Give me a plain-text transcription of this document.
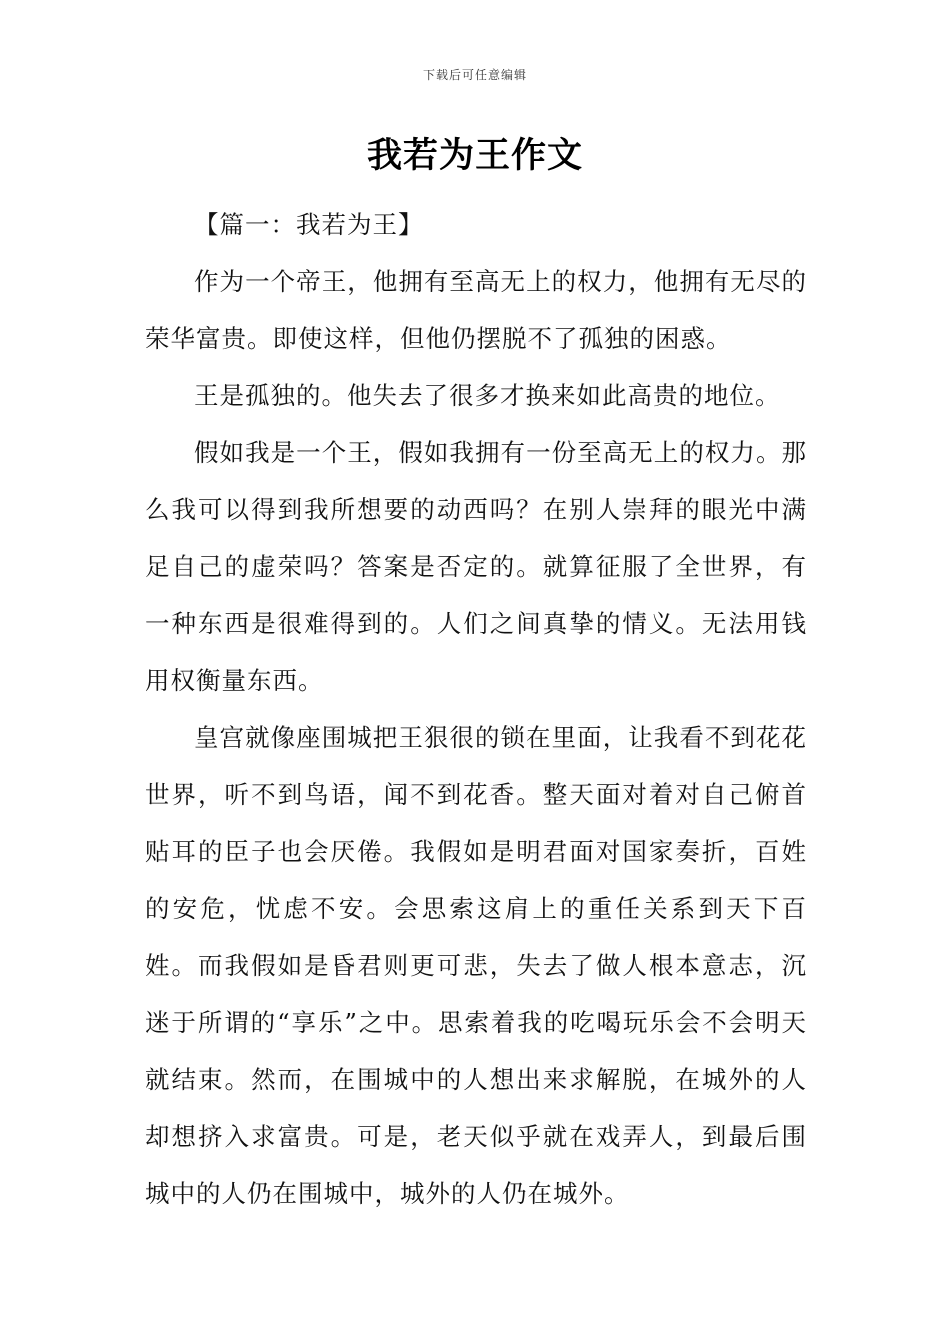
下载后可任意编辑
我若为王作文

【篇一：我若为王】

作为一个帝王，他拥有至高无上的权力，他拥有无尽的荣华富贵。即使这样，但他仍摆脱不了孤独的困惑。

王是孤独的。他失去了很多才换来如此高贵的地位。

假如我是一个王，假如我拥有一份至高无上的权力。那么我可以得到我所想要的动西吗？在别人崇拜的眼光中满足自己的虚荣吗？答案是否定的。就算征服了全世界，有一种东西是很难得到的。人们之间真挚的情义。无法用钱用权衡量东西。

皇宫就像座围城把王狠很的锁在里面，让我看不到花花世界，听不到鸟语，闻不到花香。整天面对着对自己俯首贴耳的臣子也会厌倦。我假如是明君面对国家奏折，百姓的安危，忧虑不安。会思索这肩上的重任关系到天下百姓。而我假如是昏君则更可悲，失去了做人根本意志，沉迷于所谓的“享乐”之中。思索着我的吃喝玩乐会不会明天就结束。然而，在围城中的人想出来求解脱，在城外的人却想挤入求富贵。可是，老天似乎就在戏弄人，到最后围城中的人仍在围城中，城外的人仍在城外。
